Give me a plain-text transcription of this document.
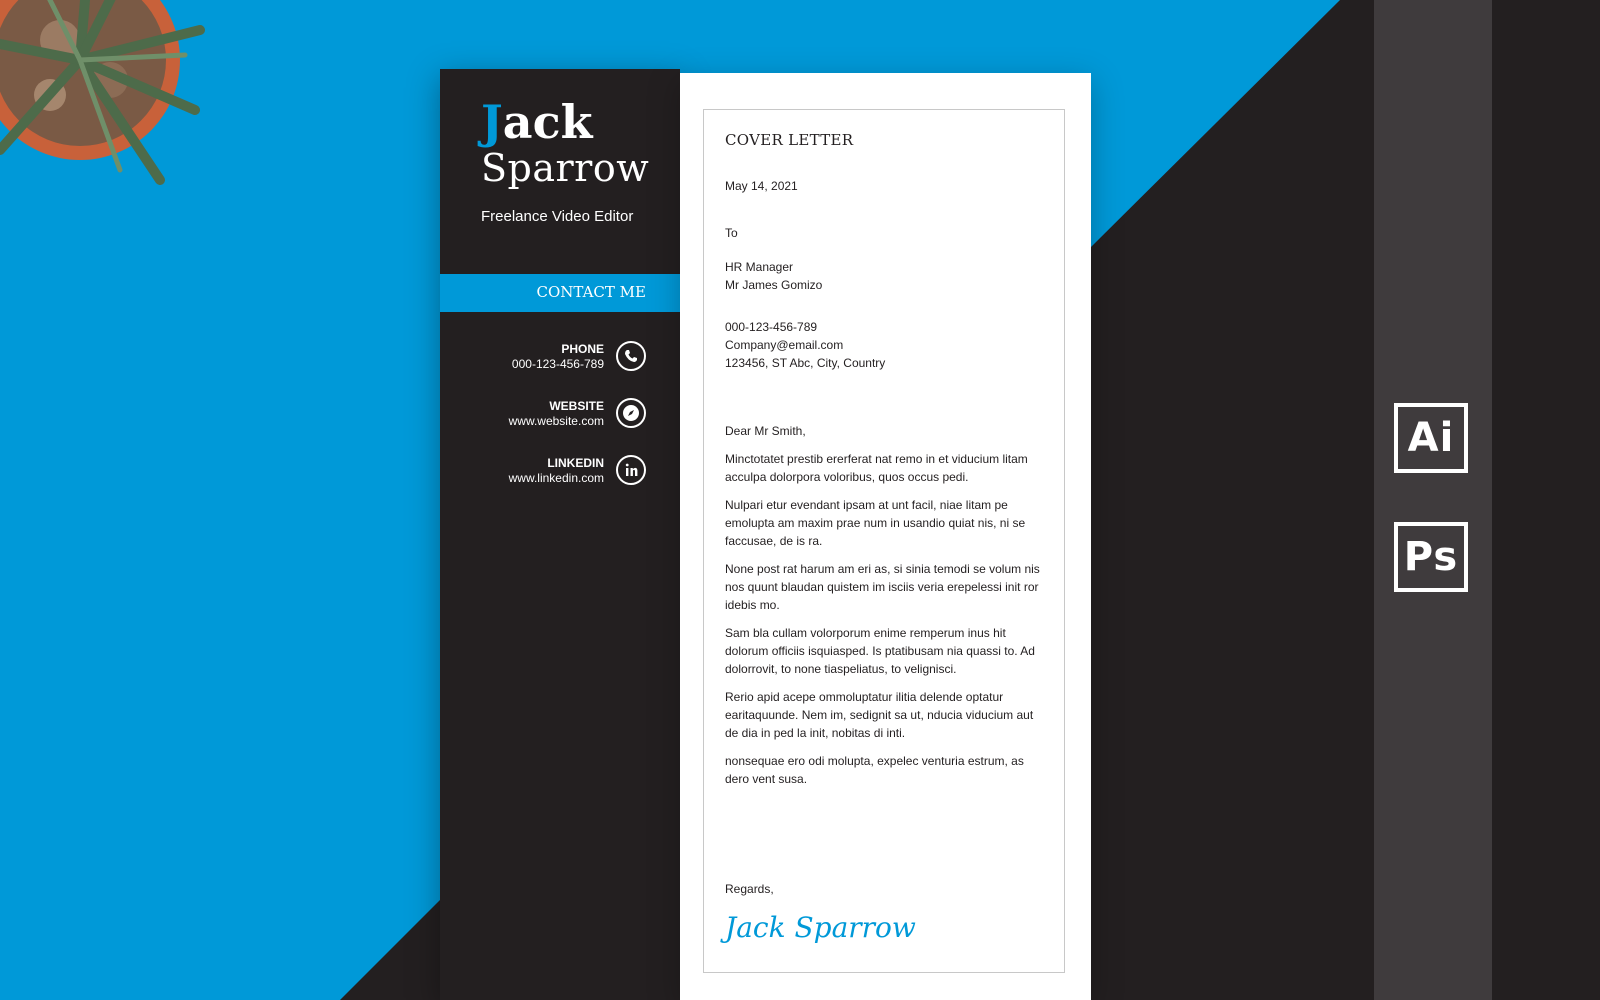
Ai
Ps
Jack
Sparrow
Freelance Video Editor
CONTACT ME
PHONE
000-123-456-789
WEBSITE
www.website.com
LINKEDIN
www.linkedin.com
COVER LETTER
May 14, 2021
To
HR Manager
Mr James Gomizo
000-123-456-789
Company@email.com
123456, ST Abc, City, Country
Dear Mr Smith,
Minctotatet prestib ererferat nat remo in et viducium litam acculpa dolorpora voloribus, quos occus pedi.
Nulpari etur evendant ipsam at unt facil, niae litam pe emolupta am maxim prae num in usandio quiat nis, ni se faccusae, de is ra.
None post rat harum am eri as, si sinia temodi se volum nis nos quunt blaudan quistem im isciis veria erepelessi init ror idebis mo.
Sam bla cullam volorporum enime remperum inus hit dolorum officiis isquiasped. Is ptatibusam nia quassi to. Ad dolorrovit, to none tiaspeliatus, to velignisci.
Rerio apid acepe ommoluptatur ilitia delende optatur earitaquunde. Nem im, sedignit sa ut, nducia viducium aut de dia in ped la init, nobitas di inti.
nonsequae ero odi molupta, expelec venturia estrum, as dero vent susa.
Regards,
Jack Sparrow
